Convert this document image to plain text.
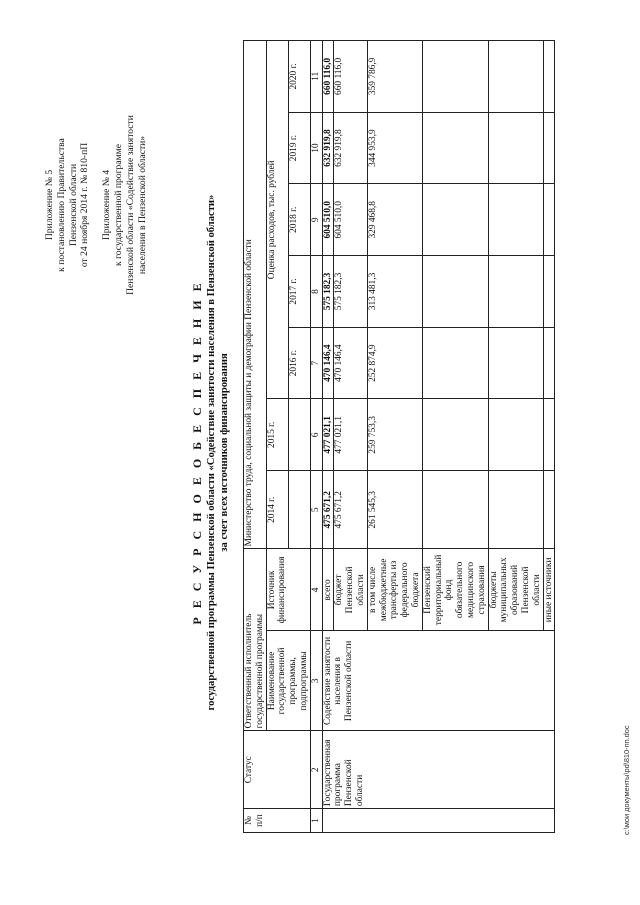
Приложение № 5 к постановлению Правительства Пензенской области от 24 ноября 2014 г. № 810-пП Приложение № 4 к государственной программе Пензенской области «Содействие занятости населения в Пензенской области»
Р Е С У Р С Н О Е О Б Е С П Е Ч Е Н И Е государственной программы Пензенской области «Содействие занятости населения в Пензенской области» за счет всех источников финансирования
№ п/п	Статус	Ответственный исполнитель государственной программы		Министерство труда, социальной защиты и демографии Пензенской области						
		Наименование государственной программы, подпрограммы	Источник финансирования	2014 г.	2015 г.	Оценка расходов, тыс. рублей				
						2016 г.	2017 г.	2018 г.	2019 г.	2020 г.
1	2	3	4	5	6	7	8	9	10	11
	Государственная программа Пензенской области	Содействие занятости населения в Пензенской области	всего	475 671,2	477 021,1	470 146,4	575 182,3	604 510,0	632 919,8	660 116,0
			бюджет Пензенской области	475 671,2	477 021,1	470 146,4	575 182,3	604 510,0	632 919,8	660 116,0
			в том числе межбюджетные трансферты из федерального бюджета	261 545,3	259 753,3	252 874,9	313 481,3	329 468,8	344 953,9	359 786,9
			Пензенский территориальный фонд обязательного медицинского страхования							
			бюджеты муниципальных образований Пензенской области							
			иные источники							
c:\мои документы\pd\810-пп.doc
